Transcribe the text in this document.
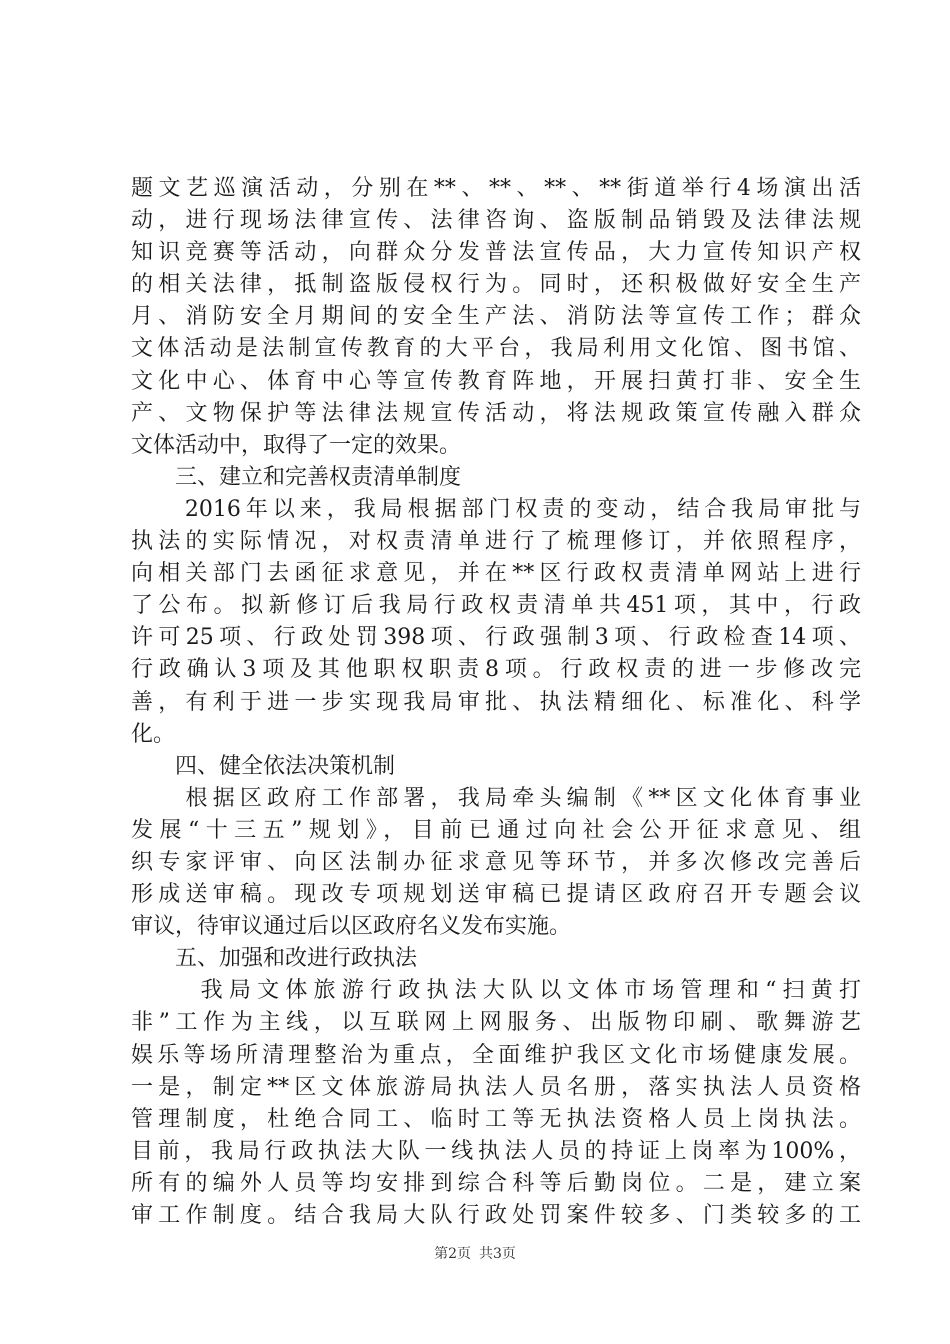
题文艺巡演活动，分别在**、**、**、**街道举行4场演出活
动，进行现场法律宣传、法律咨询、盗版制品销毁及法律法规
知识竞赛等活动，向群众分发普法宣传品，大力宣传知识产权
的相关法律，抵制盗版侵权行为。同时，还积极做好安全生产
月、消防安全月期间的安全生产法、消防法等宣传工作；群众
文体活动是法制宣传教育的大平台，我局利用文化馆、图书馆、
文化中心、体育中心等宣传教育阵地，开展扫黄打非、安全生
产、文物保护等法律法规宣传活动，将法规政策宣传融入群众
文体活动中，取得了一定的效果。
　　三、建立和完善权责清单制度
　　2016年以来，我局根据部门权责的变动，结合我局审批与
执法的实际情况，对权责清单进行了梳理修订，并依照程序，
向相关部门去函征求意见，并在**区行政权责清单网站上进行
了公布。拟新修订后我局行政权责清单共451项，其中，行政
许可25项、行政处罚398项、行政强制3项、行政检查14项、
行政确认3项及其他职权职责8项。行政权责的进一步修改完
善，有利于进一步实现我局审批、执法精细化、标准化、科学
化。
　　四、健全依法决策机制
　　根据区政府工作部署，我局牵头编制《**区文化体育事业
发展“十三五”规划》，目前已通过向社会公开征求意见、组
织专家评审、向区法制办征求意见等环节，并多次修改完善后
形成送审稿。现改专项规划送审稿已提请区政府召开专题会议
审议，待审议通过后以区政府名义发布实施。
　　五、加强和改进行政执法
　　 我局文体旅游行政执法大队以文体市场管理和“扫黄打
非”工作为主线，以互联网上网服务、出版物印刷、歌舞游艺
娱乐等场所清理整治为重点，全面维护我区文化市场健康发展。
一是，制定**区文体旅游局执法人员名册，落实执法人员资格
管理制度，杜绝合同工、临时工等无执法资格人员上岗执法。
目前，我局行政执法大队一线执法人员的持证上岗率为100%，
所有的编外人员等均安排到综合科等后勤岗位。二是，建立案
审工作制度。结合我局大队行政处罚案件较多、门类较多的工
第2页 共3页
